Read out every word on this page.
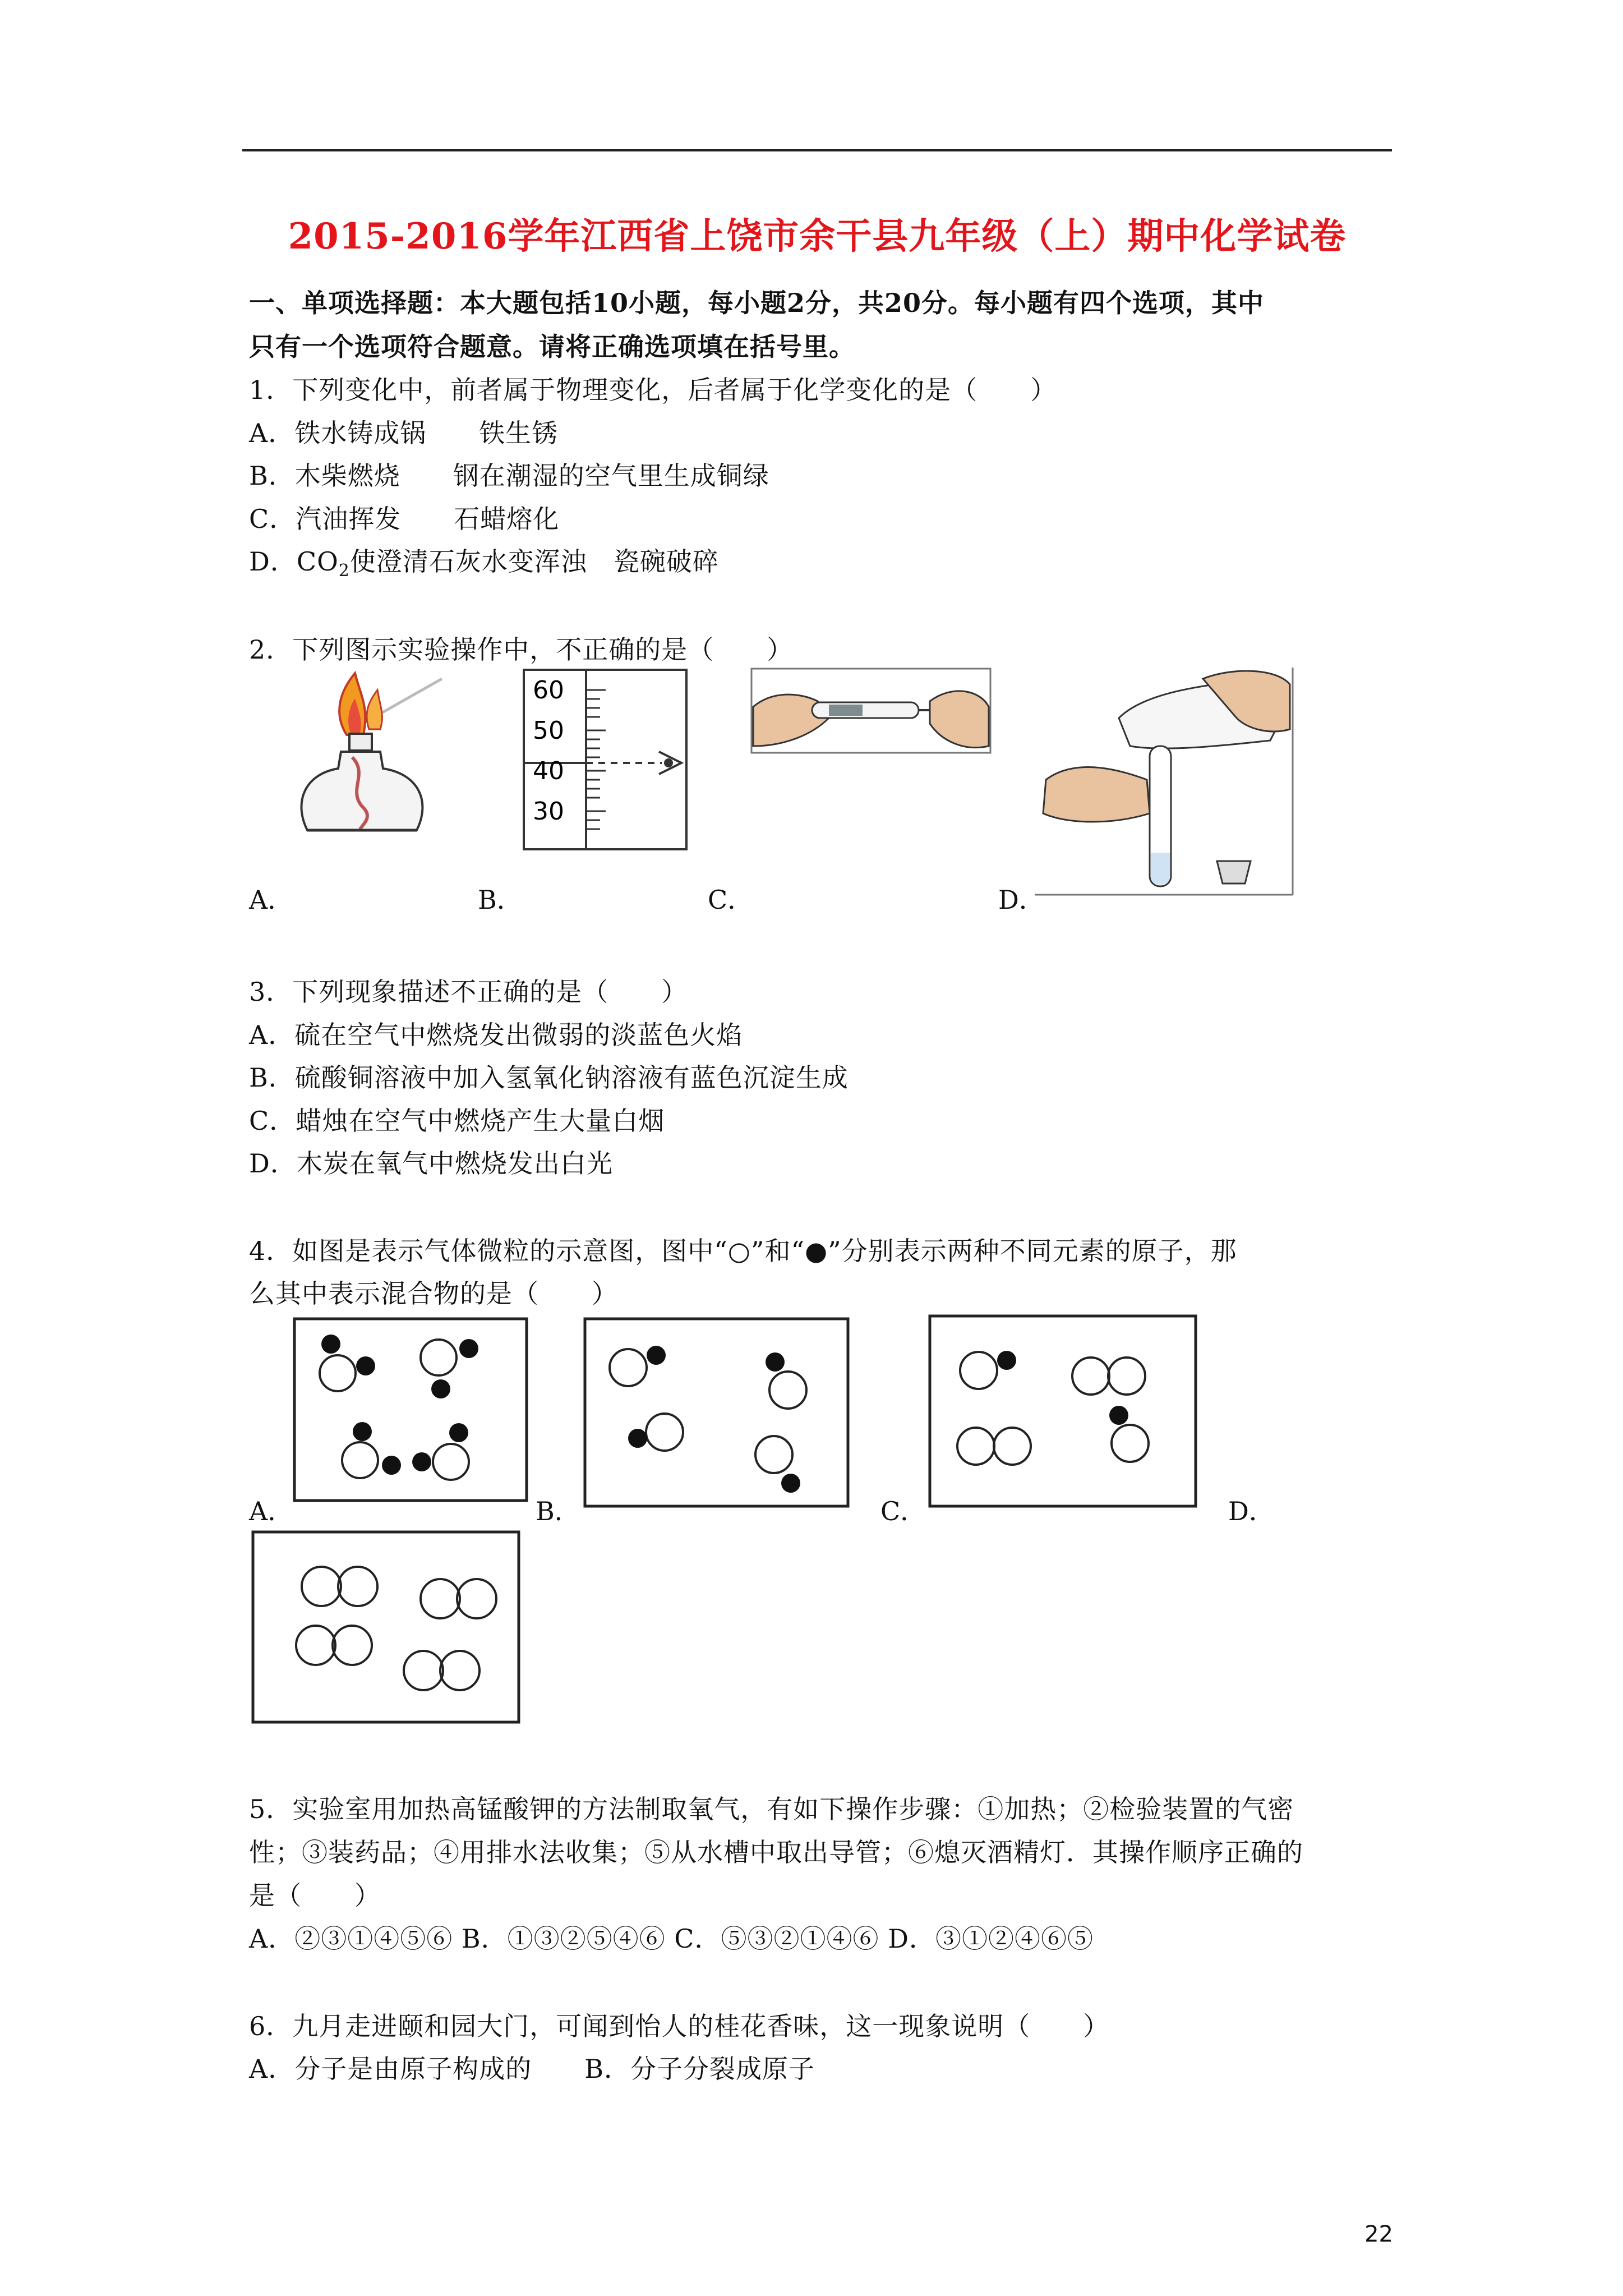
2015-2016学年江西省上饶市余干县九年级（上）期中化学试卷
一、单项选择题：本大题包括10小题，每小题2分，共20分。每小题有四个选项，其中
只有一个选项符合题意。请将正确选项填在括号里。
1．下列变化中，前者属于物理变化，后者属于化学变化的是（　　）
A．铁水铸成锅　　铁生锈
B．木柴燃烧　　钢在潮湿的空气里生成铜绿
C．汽油挥发　　石蜡熔化
D．$CO_2$使澄清石灰水变浑浊　瓷碗破碎
2．下列图示实验操作中，不正确的是（　　）
60
50
40
30
A．	B．	C．	D．
3．下列现象描述不正确的是（　　）
A．硫在空气中燃烧发出微弱的淡蓝色火焰
B．硫酸铜溶液中加入氢氧化钠溶液有蓝色沉淀生成
C．蜡烛在空气中燃烧产生大量白烟
D．木炭在氧气中燃烧发出白光
4．如图是表示气体微粒的示意图，图中“○”和“●”分别表示两种不同元素的原子，那
么其中表示混合物的是（　　）
A．	B．	C．	D．
5．实验室用加热高锰酸钾的方法制取氧气，有如下操作步骤：①加热；②检验装置的气密
性；③装药品；④用排水法收集；⑤从水槽中取出导管；⑥熄灭酒精灯．其操作顺序正确的
是（　　）
A．②③①④⑤⑥ B．①③②⑤④⑥ C．⑤③②①④⑥ D．③①②④⑥⑤
6．九月走进颐和园大门，可闻到怡人的桂花香味，这一现象说明（　　）
A．分子是由原子构成的　　B．分子分裂成原子
22
